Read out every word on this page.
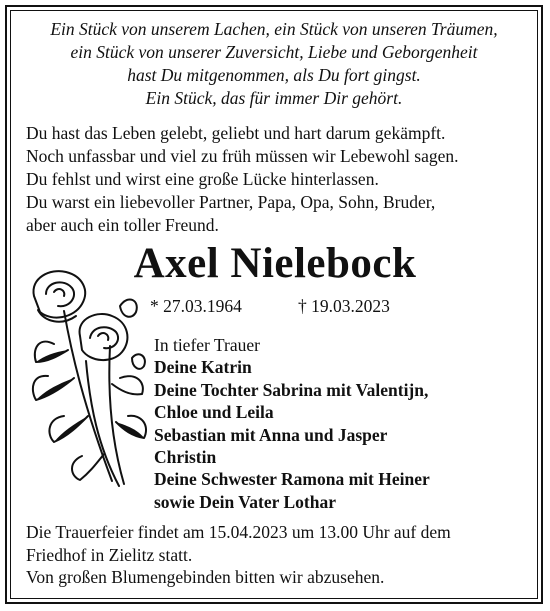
Ein Stück von unserem Lachen, ein Stück von unseren Träumen,
ein Stück von unserer Zuversicht, Liebe und Geborgenheit
hast Du mitgenommen, als Du fort gingst.
Ein Stück, das für immer Dir gehört.
Du hast das Leben gelebt, geliebt und hart darum gekämpft.
Noch unfassbar und viel zu früh müssen wir Lebewohl sagen.
Du fehlst und wirst eine große Lücke hinterlassen.
Du warst ein liebevoller Partner, Papa, Opa, Sohn, Bruder,
aber auch ein toller Freund.
Axel Nielebock
* 27.03.1964	† 19.03.2023
In tiefer Trauer
Deine Katrin
Deine Tochter Sabrina mit Valentijn,
Chloe und Leila
Sebastian mit Anna und Jasper
Christin
Deine Schwester Ramona mit Heiner
sowie Dein Vater Lothar
Die Trauerfeier findet am 15.04.2023 um 13.00 Uhr auf dem
Friedhof in Zielitz statt.
Von großen Blumengebinden bitten wir abzusehen.
